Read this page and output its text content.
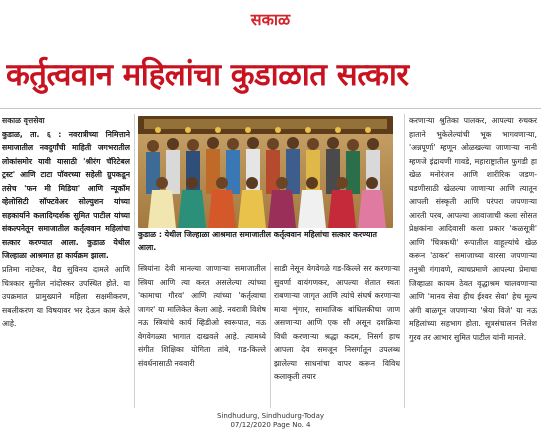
सकाळ
कर्तुत्ववान महिलांचा कुडाळात सत्कार

सकाळ वृत्तसेवा

कुडाळ, ता. ६ : नवरात्रीच्या निमित्ताने समाजातील नवदुर्गांची माहिती जगभरातील लोकांसमोर यावी यासाठी 'श्रीरंग चॅरिटेबल ट्रस्ट' आणि टाटा पॉवरच्या सहेली ग्रुपकडून तसेच 'फन मी मिडिया' आणि न्यूकॉम व्हेलोसिटी सॉफ्टवेअर सोल्युशन यांच्या सहकार्याने कलादिग्दर्शक सुमित पाटील यांच्या संकल्पनेतून समाजातील कर्तृत्ववान महिलांचा सत्कार करण्यात आला. कुडाळ येथील जिल्हाळा आश्रमात हा कार्यक्रम झाला.

प्रतिमा नाटेकर, वैद्य सुविनय दामले आणि चित्रकार सुनील नांदोस्कर उपस्थित होते. या उपक्रमात प्रामुख्याने महिला सक्षमीकरण, सबलीकरण या विषयावर भर देऊन काम केले आहे.

कुडाळ : येथील जिल्हाळा आश्रमात समाजातील कर्तृत्ववान महिलांचा सत्कार करण्यात आला.

स्त्रियांना देवी मानल्या जाणाऱ्या समाजातील स्त्रिया आणि त्या करत असलेल्या त्यांच्या 'कामाचा गौरव' आणि त्यांच्या 'कर्तृत्वाचा जागर' या मालिकेत केला आहे. नवरात्री विशेष नऊ स्त्रियांचे कार्य व्हिडीओ स्वरूपात, नऊ वेगवेगळ्या भागात दाखवले आहे. त्यामध्ये संगीत शिक्षिका योगिता तांबे, गड-किल्ले संवर्धनासाठी नववारी

साडी नेसून वेगवेगळे गड-किल्ले सर करणाऱ्या सुवर्णा वायंगणकर, आपल्या शेतात स्वतः राबणाऱ्या जागृत आणि त्यांचे संघर्ष करणाऱ्या माया शृंगार, सामाजिक बांधिलकीचा जाण असणाऱ्या आणि एक सौ असून दशक्रिया विधी करणाऱ्या श्रद्धा कदम, निसर्ग हाच आपला देव समजून निसर्गातून उपलब्ध झालेल्या साधनांचा वापर करून विविध कलाकृती तयार

करणाऱ्या श्रुतिका पालकर, आपल्या रुचकर हाताने भुकेलेल्यांची भूक भागवणाऱ्या, 'अन्नपूर्णा' म्हणून ओळखल्या जाणाऱ्या नानी म्हणजे इंद्रायणी गावडे, महाराष्ट्रातील फुगडी हा खेळ मनोरंजन आणि शारीरिक जडण-घडणीसाठी खेळल्या जाणाऱ्या आणि त्यातून आपली संस्कृती आणि परंपरा जपणाऱ्या आरती परब, आपल्या आवाजाची कला सोसत प्रेक्षकांना आदिवासी कला प्रकार 'कळसूत्री' आणि 'चित्रकथी' रूपातील वाहूल्यांचे खेळ करून 'ठाकर' समाजाच्या वारसा जपणाऱ्या तनुश्री गंगावणे, त्याचप्रमाणे आपल्या प्रेमाचा जिव्हाळा कायम ठेवत वृद्धाश्रम चालवणाऱ्या आणि 'मानव सेवा हीच ईश्वर सेवा' हेच मूल्य अंगी बाळगून जपणाऱ्या 'श्रेया विजे' या नऊ महिलांच्या सहभाग होता. सूत्रसंचालन निलेश गुरव तर आभार सुमित पाटील यांनी मानले.

Sindhudurg, Sindhudurg-Today
07/12/2020 Page No. 4
